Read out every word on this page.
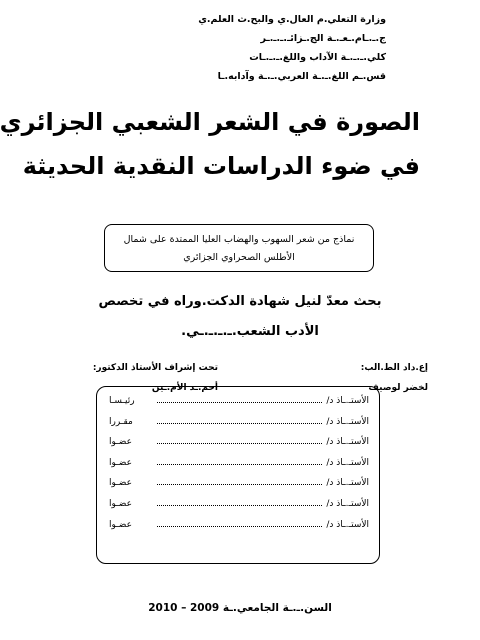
وزارة التعلي.م العال.ي والبح.ث العلم.ي
ج.ـ.ـام.ـعـ.ـة الج.ـزائـ.ـ.ـ.ـر
كلي.ـ.ـ.ـة الآداب واللغ.ـ.ـ.ـات
قس.ـم اللغ.ـ.ـة العربي.ـ.ـة وآدابه.ـا
الصورة في الشعر الشعبي الجزائري
في ضوء الدراسات النقدية الحديثة
نماذج من شعر السهوب والهضاب العليا الممتدة على شمال
الأطلس الصحراوي الجزائري
بحث معدّ لنيل شهادة الدكت.وراه في تخصص
الأدب الشعب.ـ.ـ.ـ.ـي.
إع.داد الط.الب:
لخضر لوصيف
تحت إشراف الأستاذ الدكتور:
أحم.ـد الأم.ـين
الأستـ.ـاذ د/
رئيـسـا
الأستـ.ـاذ د/
مقـررا
الأستـ.ـاذ د/
عضـوا
الأستـ.ـاذ د/
عضـوا
الأستـ.ـاذ د/
عضـوا
الأستـ.ـاذ د/
عضـوا
الأستـ.ـاذ د/
عضـوا
السن.ـ.ـة الجامعي.ـة 2009 – 2010
